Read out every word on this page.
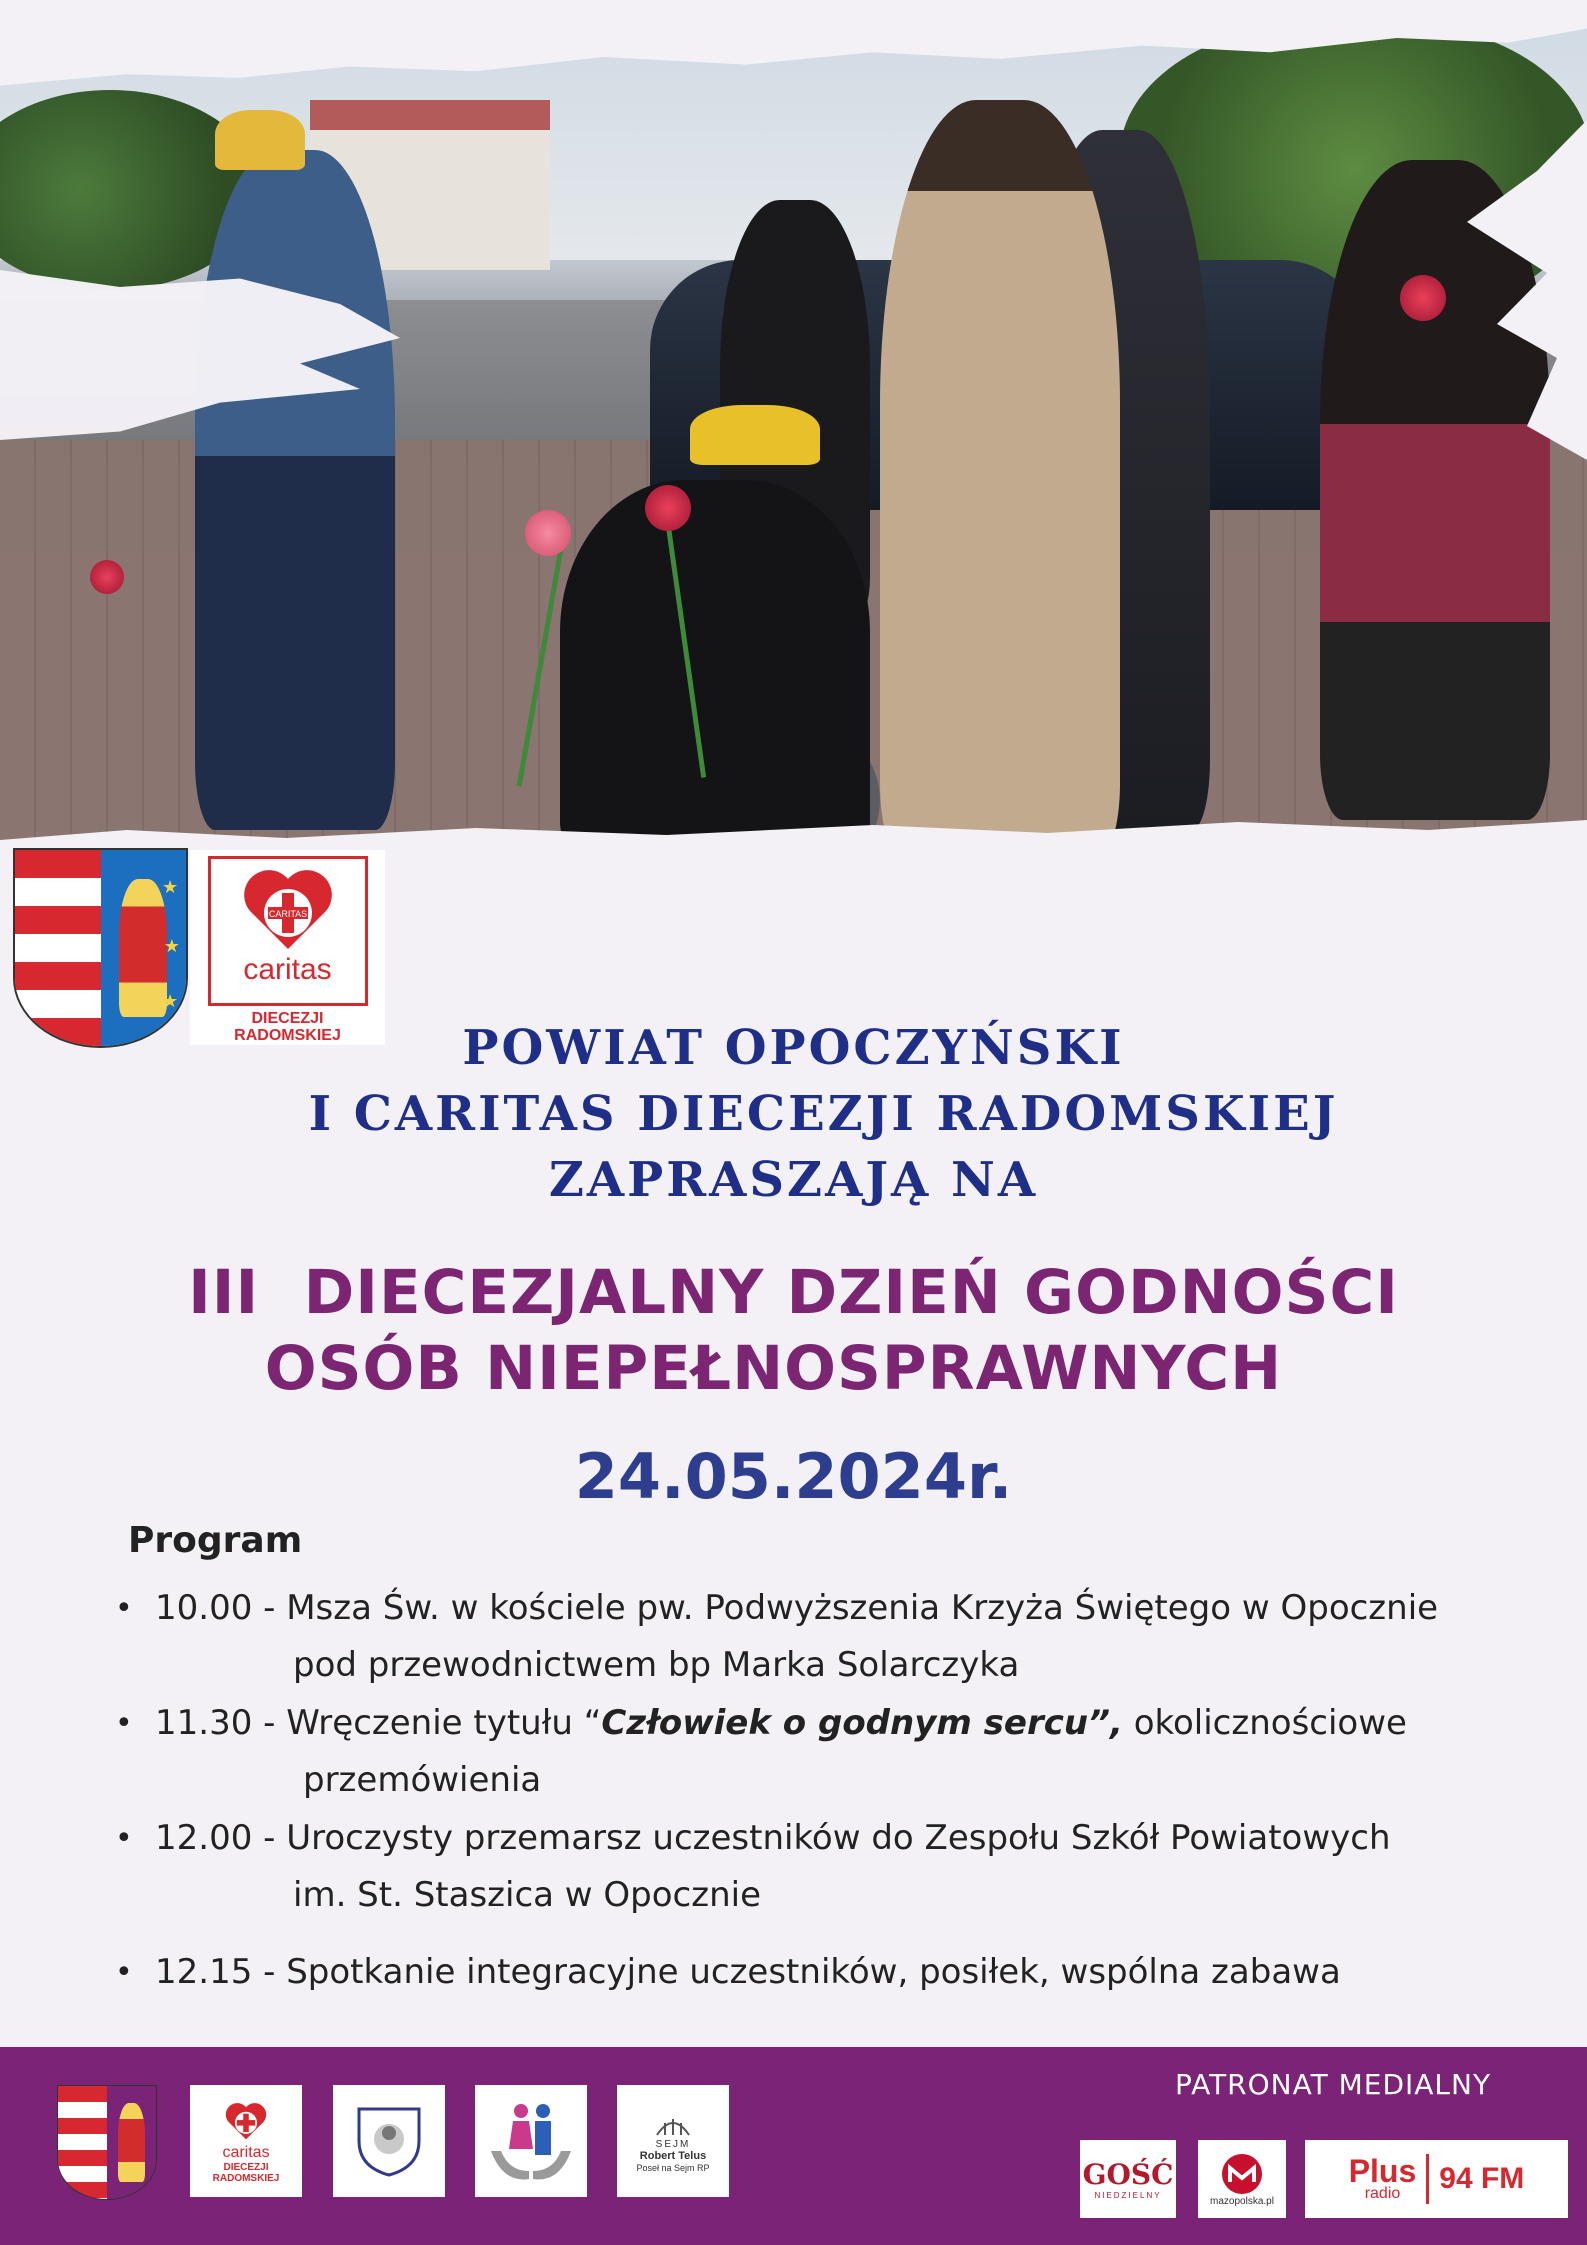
★
★
★
CARITAS
caritas
DIECEZJI
RADOMSKIEJ	POWIAT OPOCZYŃSKI
I CARITAS DIECEZJI RADOMSKIEJ
ZAPRASZAJĄ NA
III  DIECEZJALNY DZIEŃ GODNOŚCI
OSÓB NIEPEŁNOSPRAWNYCH
24.05.2024r.
Program
• 10.00 - Msza Św. w kościele pw. Podwyższenia Krzyża Świętego w Opocznie
pod przewodnictwem bp Marka Solarczyka
• 11.30 - Wręczenie tytułu “Człowiek o godnym sercu”, okolicznościowe
przemówienia
• 12.00 - Uroczysty przemarsz uczestników do Zespołu Szkół Powiatowych
im. St. Staszica w Opocznie
• 12.15 - Spotkanie integracyjne uczestników, posiłek, wspólna zabawa
PATRONAT MEDIALNY
caritas
DIECEZJI RADOMSKIEJ
SEJM
Robert Telus
Poseł na Sejm RP	GOŚĆ
NIEDZIELNY	mazopolska.pl
Plus
radio 94 FM
